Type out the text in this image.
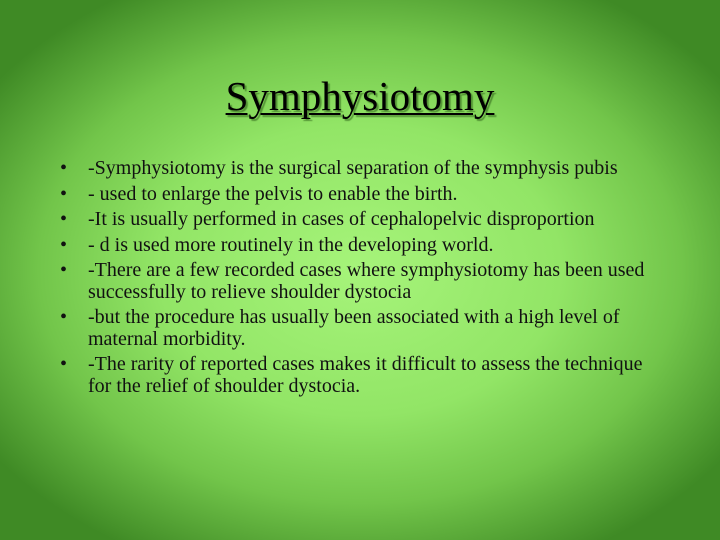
Symphysiotomy
•	-Symphysiotomy is the surgical separation of the symphysis pubis
•	- used to enlarge the pelvis to enable the birth.
•	-It is usually performed in cases of cephalopelvic disproportion
•	- d is used more routinely in the developing world.
•	-There are a few recorded cases where symphysiotomy has been used successfully to relieve shoulder dystocia
•	-but the procedure has usually been associated with a high level of maternal morbidity.
•	-The rarity of reported cases makes it difficult to assess the technique for the relief of shoulder dystocia.
